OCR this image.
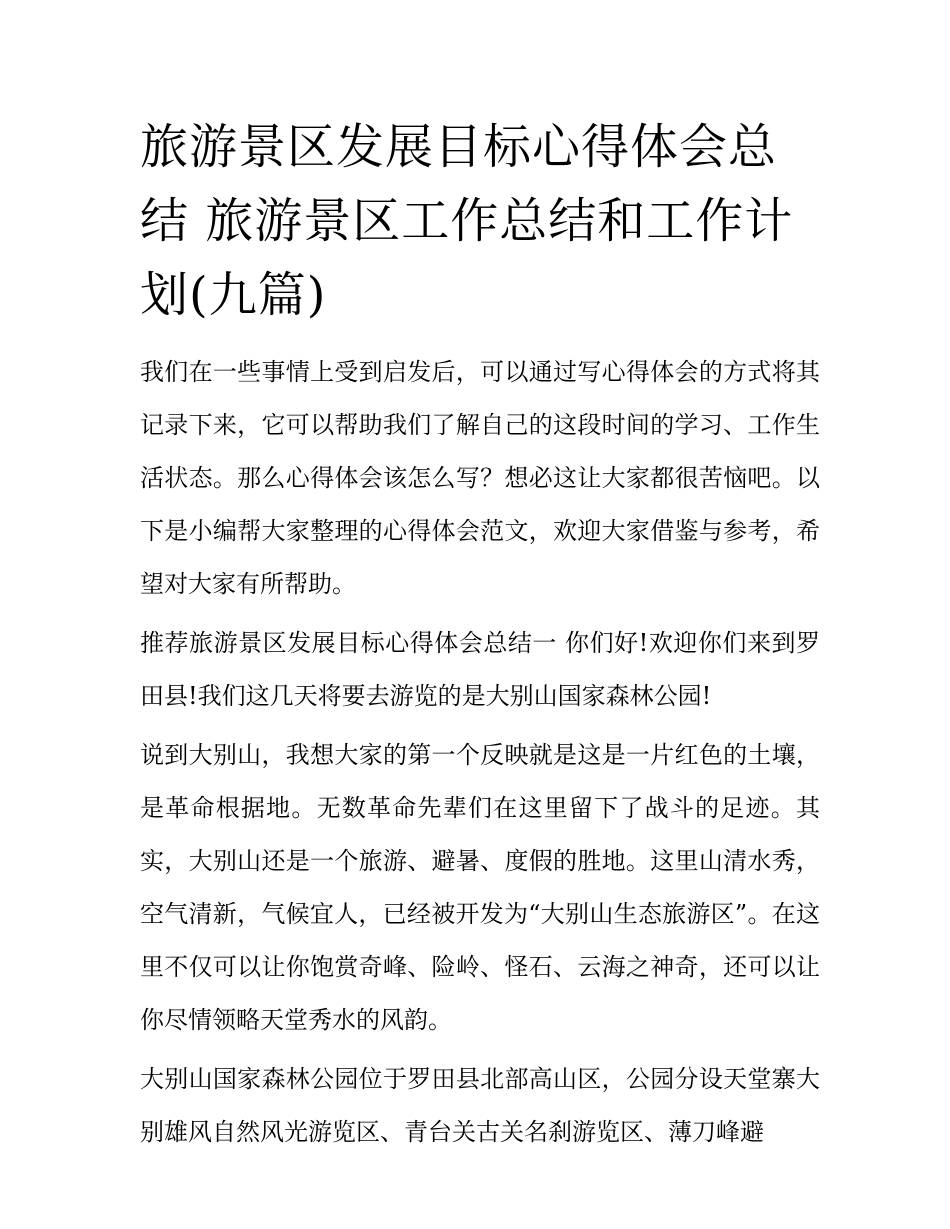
旅游景区发展目标心得体会总结 旅游景区工作总结和工作计划(九篇)

我们在一些事情上受到启发后，可以通过写心得体会的方式将其记录下来，它可以帮助我们了解自己的这段时间的学习、工作生活状态。那么心得体会该怎么写？想必这让大家都很苦恼吧。以下是小编帮大家整理的心得体会范文，欢迎大家借鉴与参考，希望对大家有所帮助。

推荐旅游景区发展目标心得体会总结一 你们好!欢迎你们来到罗田县!我们这几天将要去游览的是大别山国家森林公园!

说到大别山，我想大家的第一个反映就是这是一片红色的土壤，是革命根据地。无数革命先辈们在这里留下了战斗的足迹。其实，大别山还是一个旅游、避暑、度假的胜地。这里山清水秀，空气清新，气候宜人，已经被开发为“大别山生态旅游区”。在这里不仅可以让你饱赏奇峰、险岭、怪石、云海之神奇，还可以让你尽情领略天堂秀水的风韵。

大别山国家森林公园位于罗田县北部高山区，公园分设天堂寨大别雄风自然风光游览区、青台关古关名刹游览区、薄刀峰避
